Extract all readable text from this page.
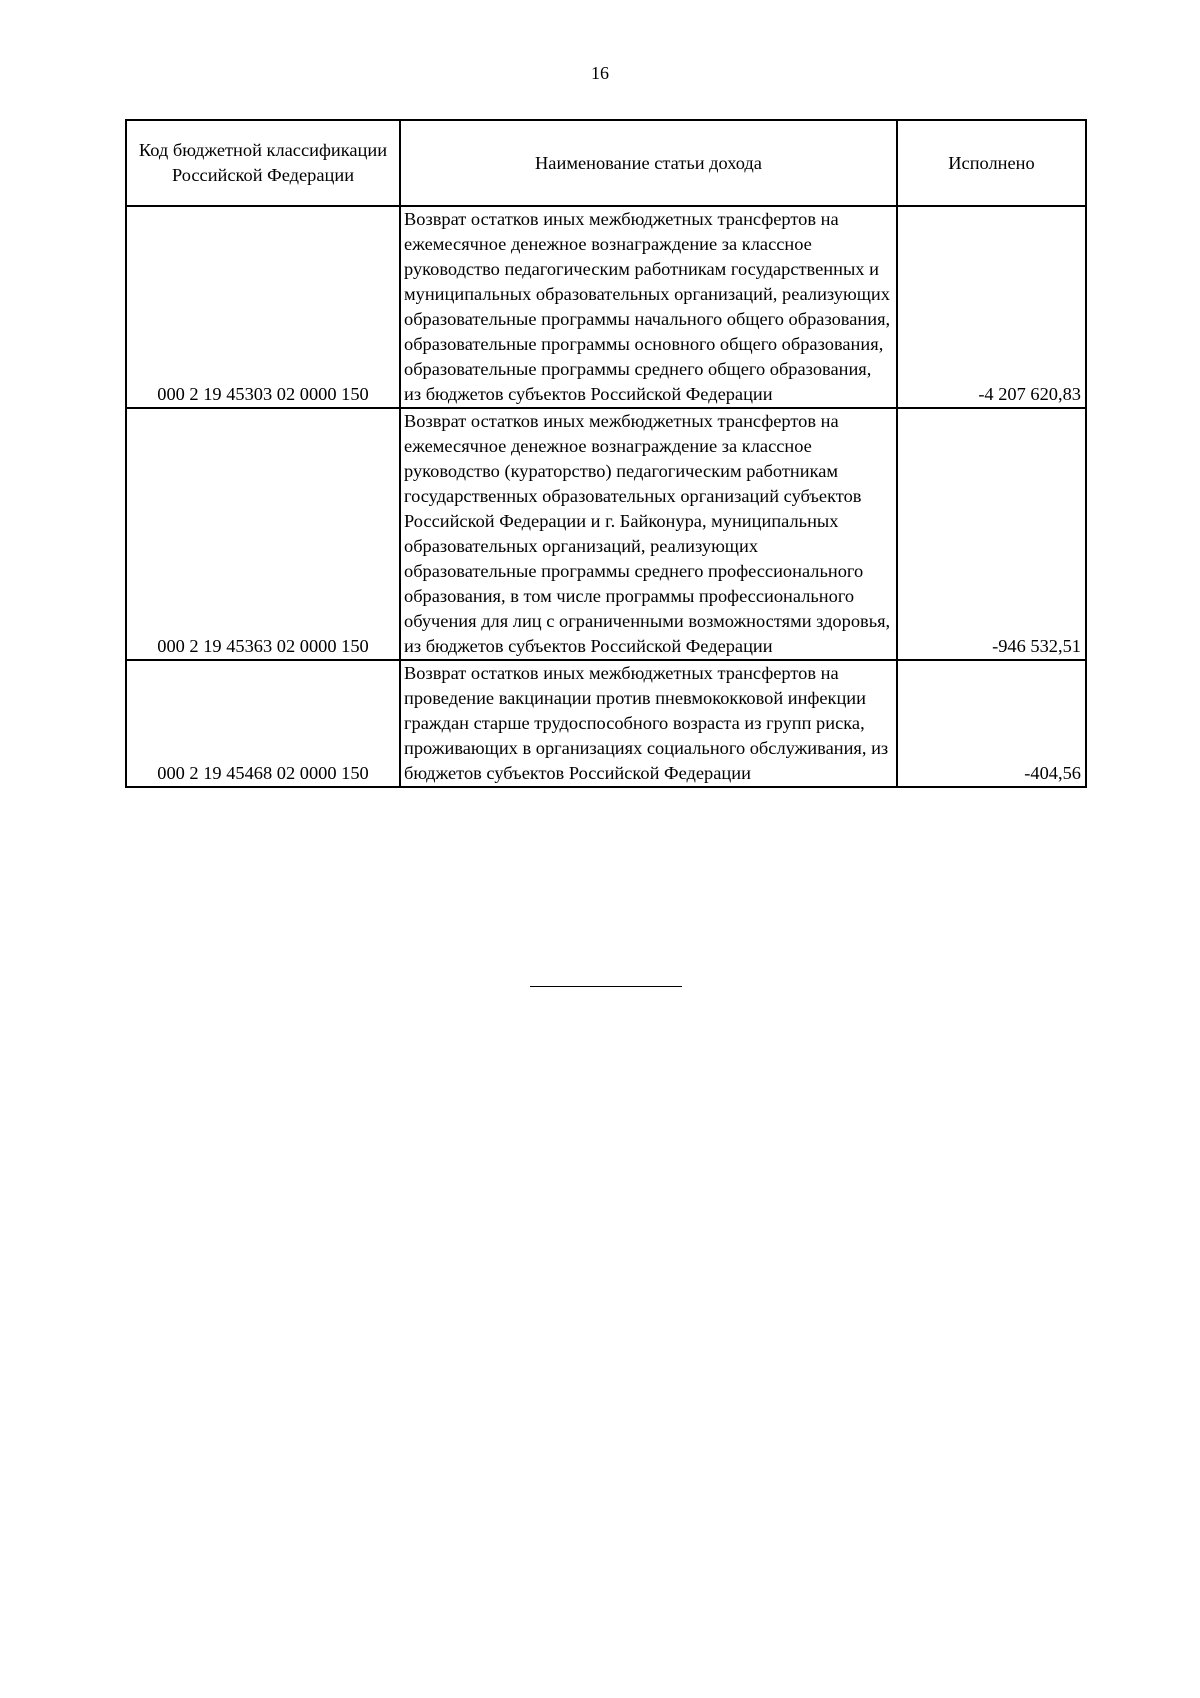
16
Код бюджетной классификации Российской Федерации	Наименование статьи дохода	Исполнено
000 2 19 45303 02 0000 150	Возврат остатков иных межбюджетных трансфертов на ежемесячное денежное вознаграждение за классное руководство педагогическим работникам государственных и муниципальных образовательных организаций, реализующих образовательные программы начального общего образования, образовательные программы основного общего образования, образовательные программы среднего общего образования, из бюджетов субъектов Российской Федерации	-4 207 620,83
000 2 19 45363 02 0000 150	Возврат остатков иных межбюджетных трансфертов на ежемесячное денежное вознаграждение за классное руководство (кураторство) педагогическим работникам государственных образовательных организаций субъектов Российской Федерации и г. Байконура, муниципальных образовательных организаций, реализующих образовательные программы среднего профессионального образования, в том числе программы профессионального обучения для лиц с ограниченными возможностями здоровья, из бюджетов субъектов Российской Федерации	-946 532,51
000 2 19 45468 02 0000 150	Возврат остатков иных межбюджетных трансфертов на проведение вакцинации против пневмококковой инфекции граждан старше трудоспособного возраста из групп риска, проживающих в организациях социального обслуживания, из бюджетов субъектов Российской Федерации	-404,56
